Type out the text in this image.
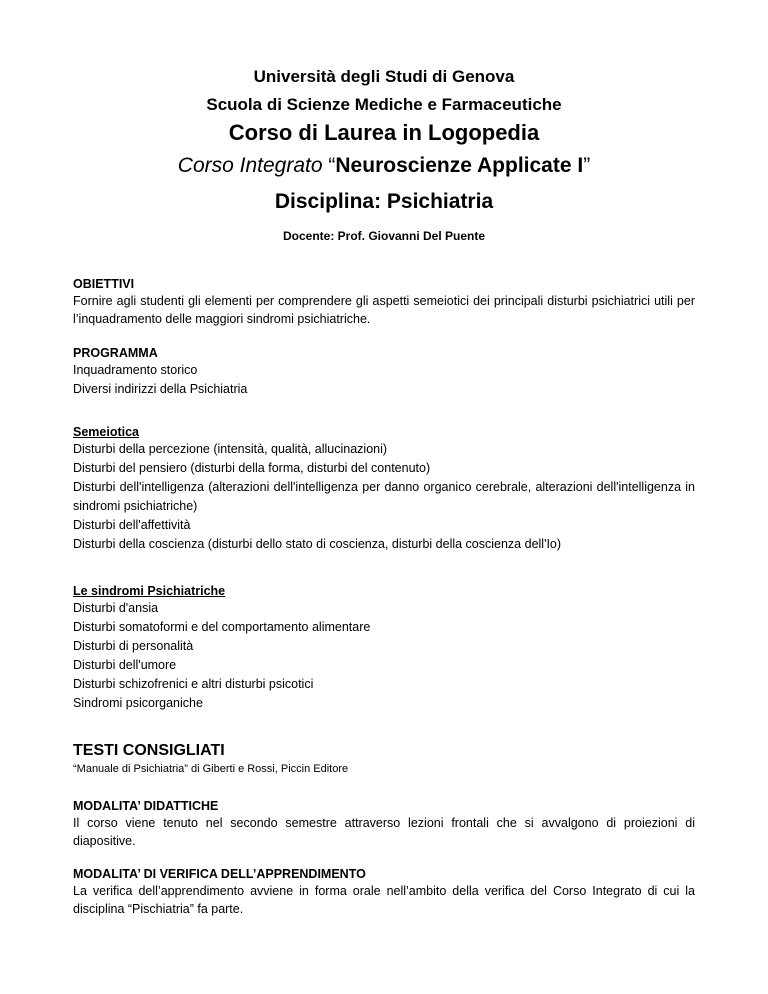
Università degli Studi di Genova
Scuola di Scienze Mediche e Farmaceutiche
Corso di Laurea in Logopedia
Corso Integrato “Neuroscienze Applicate I”
Disciplina: Psichiatria
Docente: Prof. Giovanni Del Puente
OBIETTIVI
Fornire agli studenti gli elementi per comprendere gli aspetti semeiotici dei principali disturbi psichiatrici utili per l’inquadramento delle maggiori sindromi psichiatriche.
PROGRAMMA
Inquadramento storico
Diversi indirizzi della Psichiatria
Semeiotica
Disturbi della percezione (intensità, qualità, allucinazioni)
Disturbi del pensiero (disturbi della forma, disturbi del contenuto)
Disturbi dell'intelligenza (alterazioni dell'intelligenza per danno organico cerebrale, alterazioni dell'intelligenza in sindromi psichiatriche)
Disturbi dell'affettività
Disturbi della coscienza (disturbi dello stato di coscienza, disturbi della coscienza dell'Io)
Le sindromi Psichiatriche
Disturbi d'ansia
Disturbi somatoformi e del comportamento alimentare
Disturbi di personalità
Disturbi dell'umore
Disturbi schizofrenici e altri disturbi psicotici
Sindromi psicorganiche
TESTI CONSIGLIATI
“Manuale di Psichiatria” di Giberti e Rossi, Piccin Editore
MODALITA’ DIDATTICHE
Il corso viene tenuto nel secondo semestre attraverso lezioni frontali che si avvalgono di proiezioni di diapositive.
MODALITA’ DI VERIFICA DELL’APPRENDIMENTO
La verifica dell’apprendimento avviene in forma orale nell’ambito della verifica del Corso Integrato di cui la disciplina “Pischiatria” fa parte.
